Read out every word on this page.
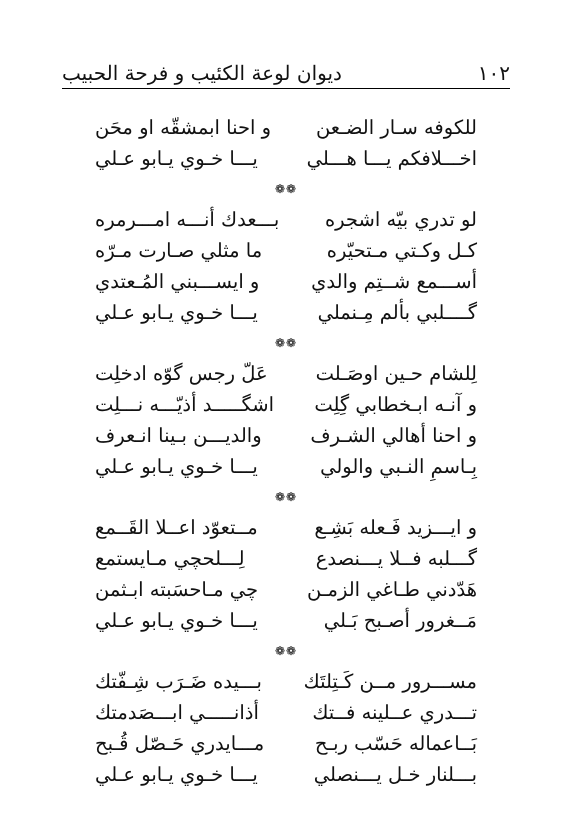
١٠٢
ديوان لوعة الكئيب و فرحة الحبيب
للكوفه سـار الضـعن
و احنا ابمشقّه او محَن
اخـــلافكم يـــا هـــلي
يـــا خـوي يـابو عـلي
❁❁
لو تدري بيّه اشجره
بـــعدك أنـــه امـــرمره
كـل وكـتي مـتحيّره
ما مثلي صـارت مـرّه
أســـمع شــتِم والدي
و ايســـبني المُـعتدي
گــــلبي بألم مِـنملي
يـــا خـوي يـابو عـلي
❁❁
لِلشام حـين اوصَـلت
عَلّ رجس گوّه ادخلِت
و آنـه ابـخطابي گِلِت
اشگـــــد أذيّـــه نـــلِت
و احنا أهالي الشـرف
والديـــن بـينا انـعرف
بِـاسمِ النـبي والولي
يـــا خـوي يـابو عـلي
❁❁
و ايـــزيد فَـعله بَشِـع
مــتعوّد اعــلا القَــمع
گـــلبه فــلا يـــنصدع
لِـــلحچي مـايستمع
هَدّدني طـاغي الزمـن
چي مـاحسَبته ابـثمن
مَــغرور أصـبح بَـلي
يـــا خـوي يـابو عـلي
❁❁
مســـرور مــن كَـتِلتَك
بـــيده ضَـرَب شِـفّتك
تـــدري عــلينه فــتك
أذانـــــي ابـــصَدمتك
بَــاعماله حَسّب ربـح
مـــايدري حَـصّل قُـبح
بـــلنار خـل يـــنصلي
يـــا خـوي يـابو عـلي
